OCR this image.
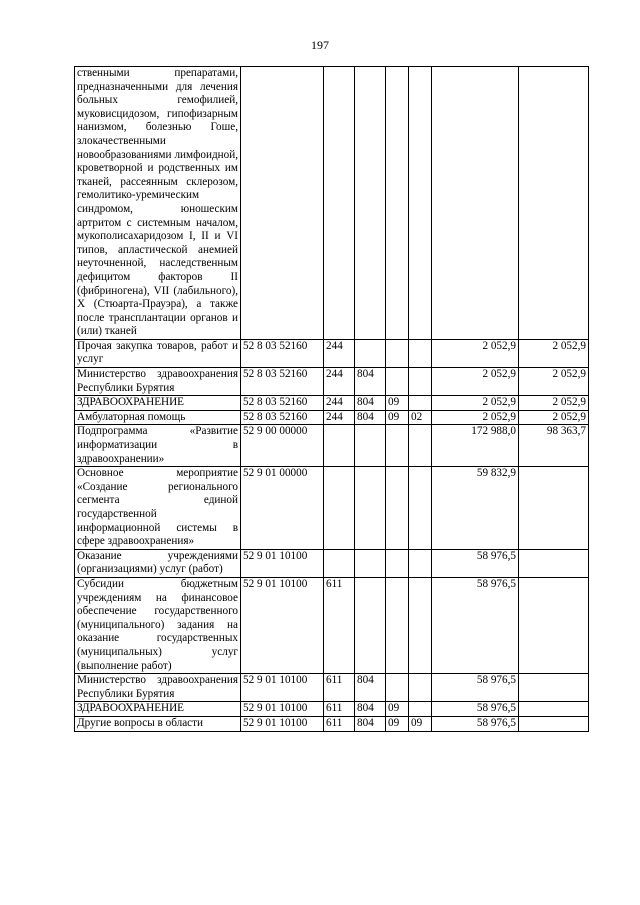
197
ственными препаратами, предназначенными для лечения больных гемофилией, муковисцидозом, гипофизарным нанизмом, болезнью Гоше, злокачественными новообразованиями лимфоидной, кроветворной и родственных им тканей, рассеянным склерозом, гемолитико-уремическим синдромом, юношеским артритом с системным началом, мукополисахаридозом I, II и VI типов, апластической анемией неуточненной, наследственным дефицитом факторов II (фибриногена), VII (лабильного), X (Стюарта-Прауэра), а также после трансплантации органов и (или) тканей							
Прочая закупка товаров, работ и услуг	52 8 03 52160	244				2 052,9	2 052,9
Министерство здравоохранения Республики Бурятия	52 8 03 52160	244	804			2 052,9	2 052,9
ЗДРАВООХРАНЕНИЕ	52 8 03 52160	244	804	09		2 052,9	2 052,9
Амбулаторная помощь	52 8 03 52160	244	804	09	02	2 052,9	2 052,9
Подпрограмма «Развитие информатизации в здравоохранении»	52 9 00 00000					172 988,0	98 363,7
Основное мероприятие «Создание регионального сегмента единой государственной информационной системы в сфере здравоохранения»	52 9 01 00000					59 832,9	
Оказание учреждениями (организациями) услуг (работ)	52 9 01 10100					58 976,5	
Субсидии бюджетным учреждениям на финансовое обеспечение государственного (муниципального) задания на оказание государственных (муниципальных) услуг (выполнение работ)	52 9 01 10100	611				58 976,5	
Министерство здравоохранения Республики Бурятия	52 9 01 10100	611	804			58 976,5	
ЗДРАВООХРАНЕНИЕ	52 9 01 10100	611	804	09		58 976,5	
Другие вопросы в области	52 9 01 10100	611	804	09	09	58 976,5	
